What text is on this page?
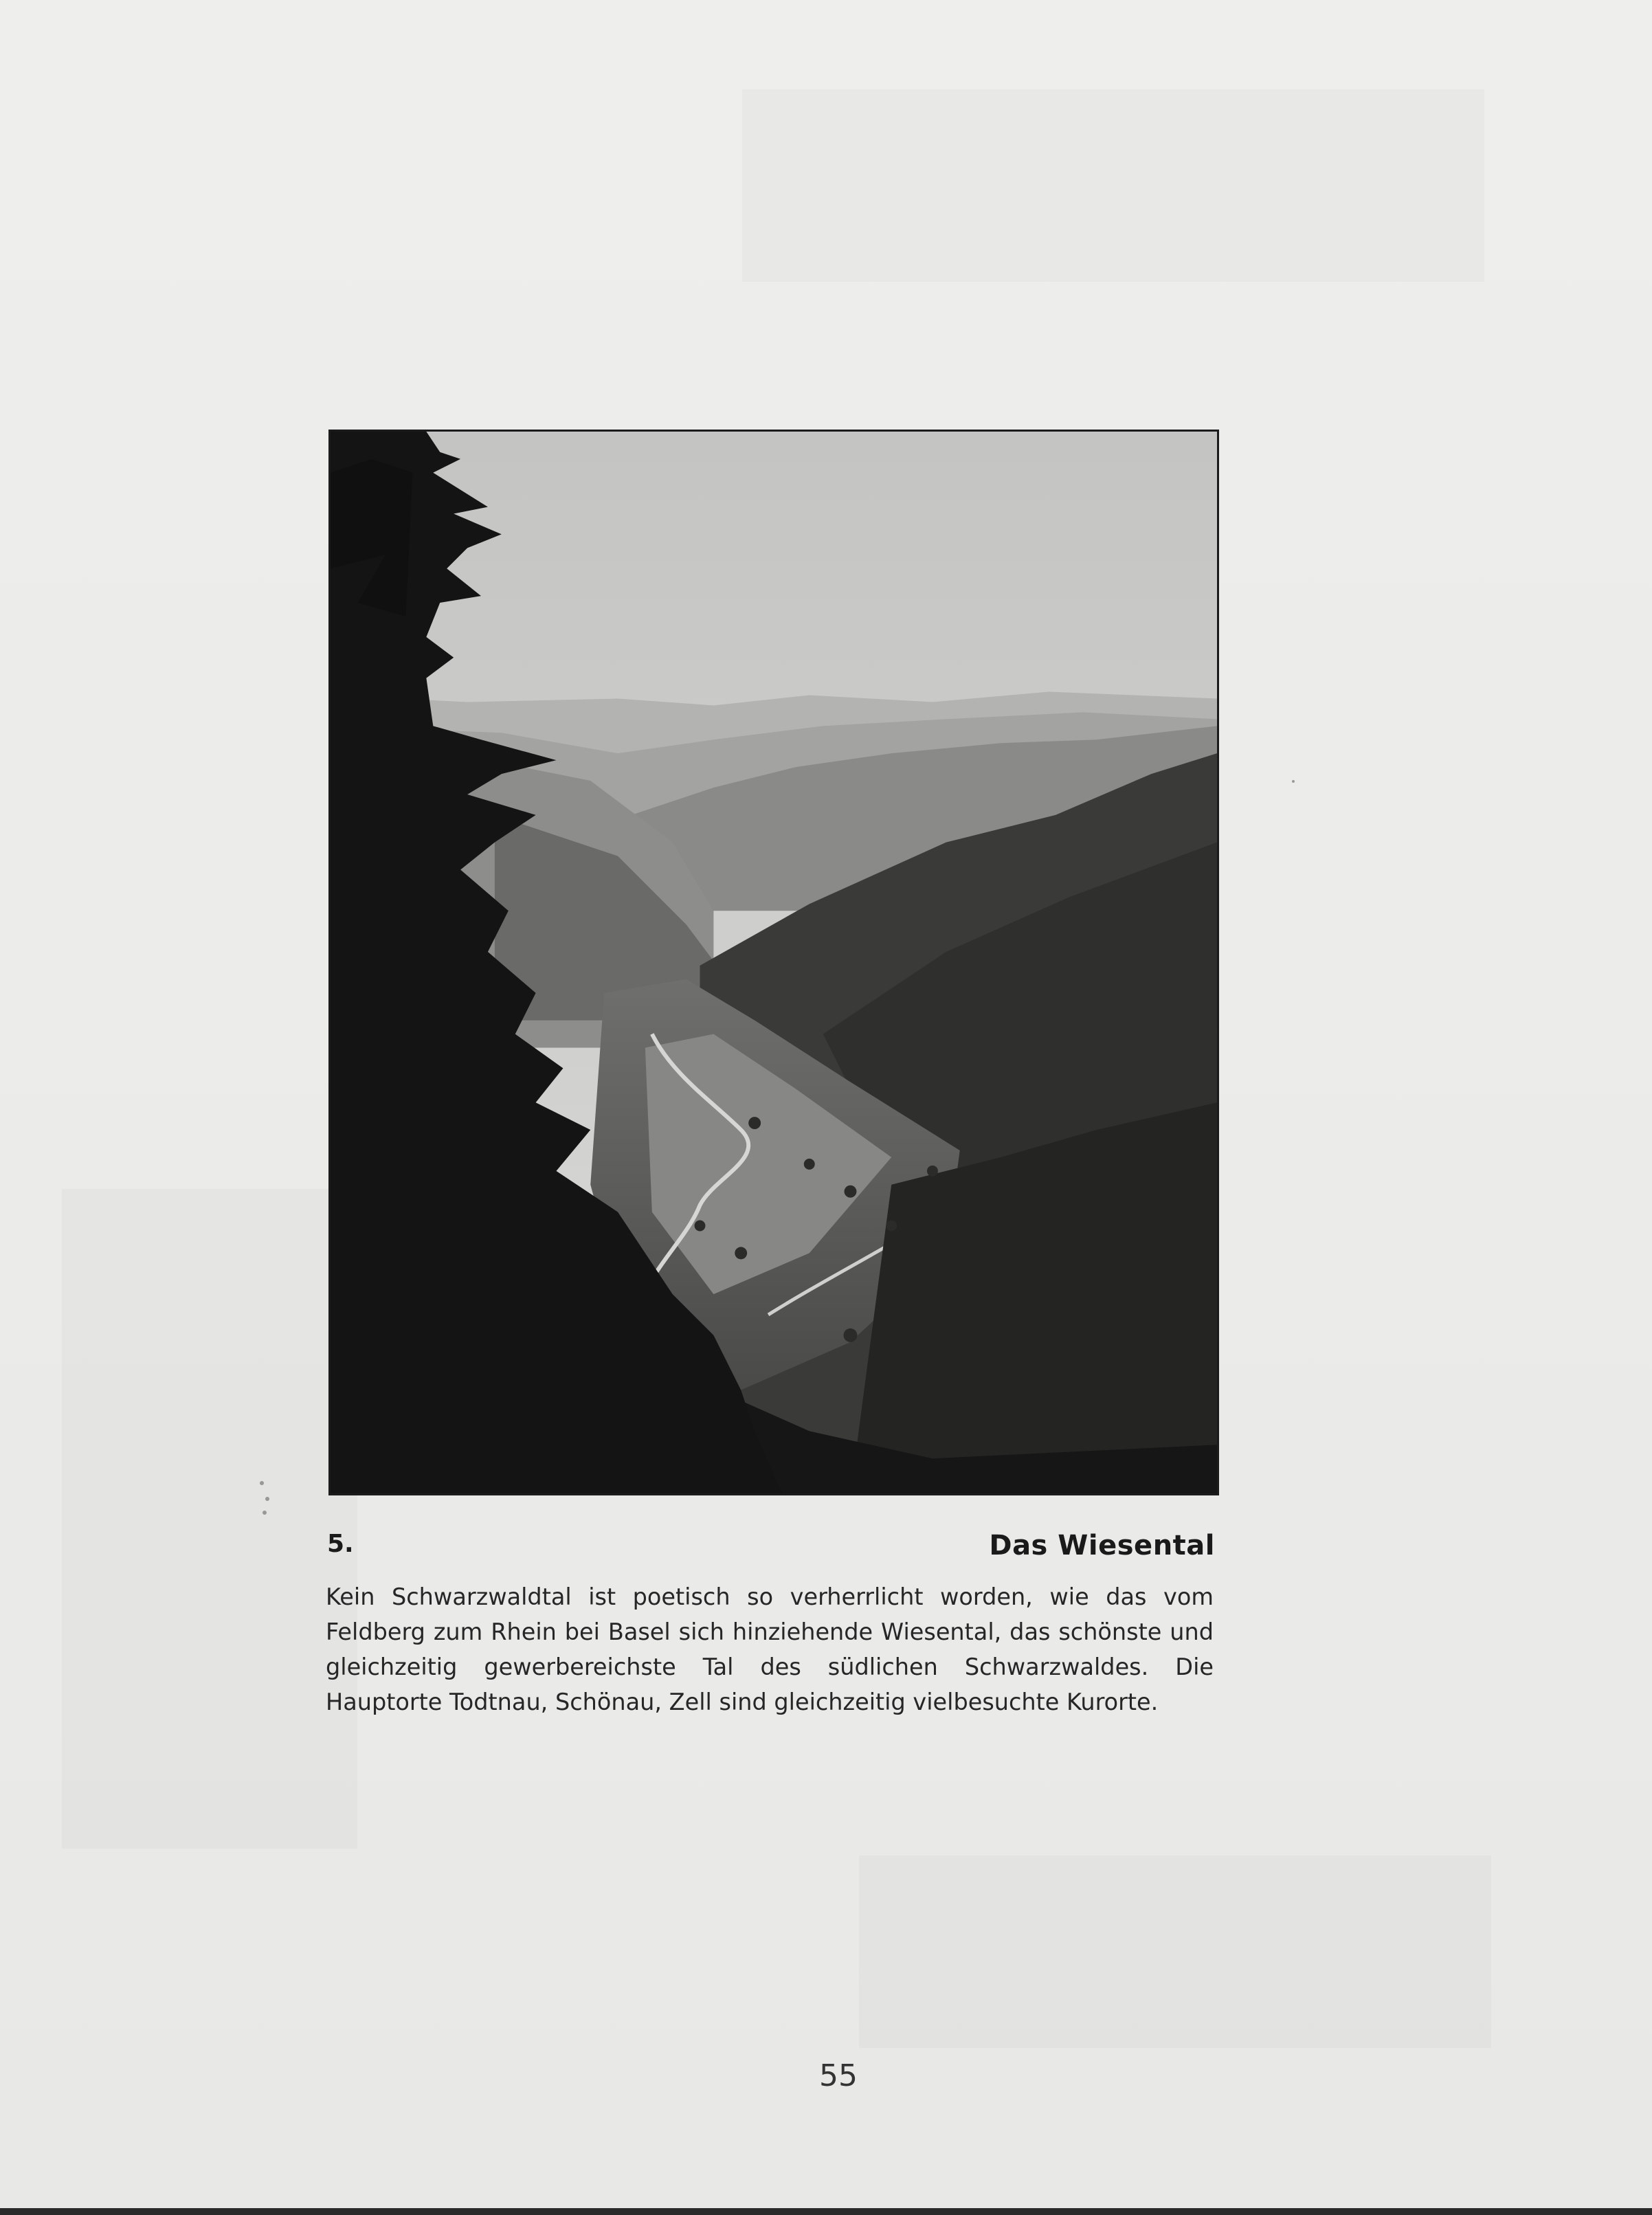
5.	Das Wiesental
Kein Schwarzwaldtal ist poetisch so verherrlicht worden, wie das vom Feldberg zum Rhein bei Basel sich hinziehende Wiesental, das schönste und gleichzeitig gewerbereichste Tal des südlichen Schwarzwaldes. Die Hauptorte Todtnau, Schönau, Zell sind gleichzeitig vielbesuchte Kurorte.
55
